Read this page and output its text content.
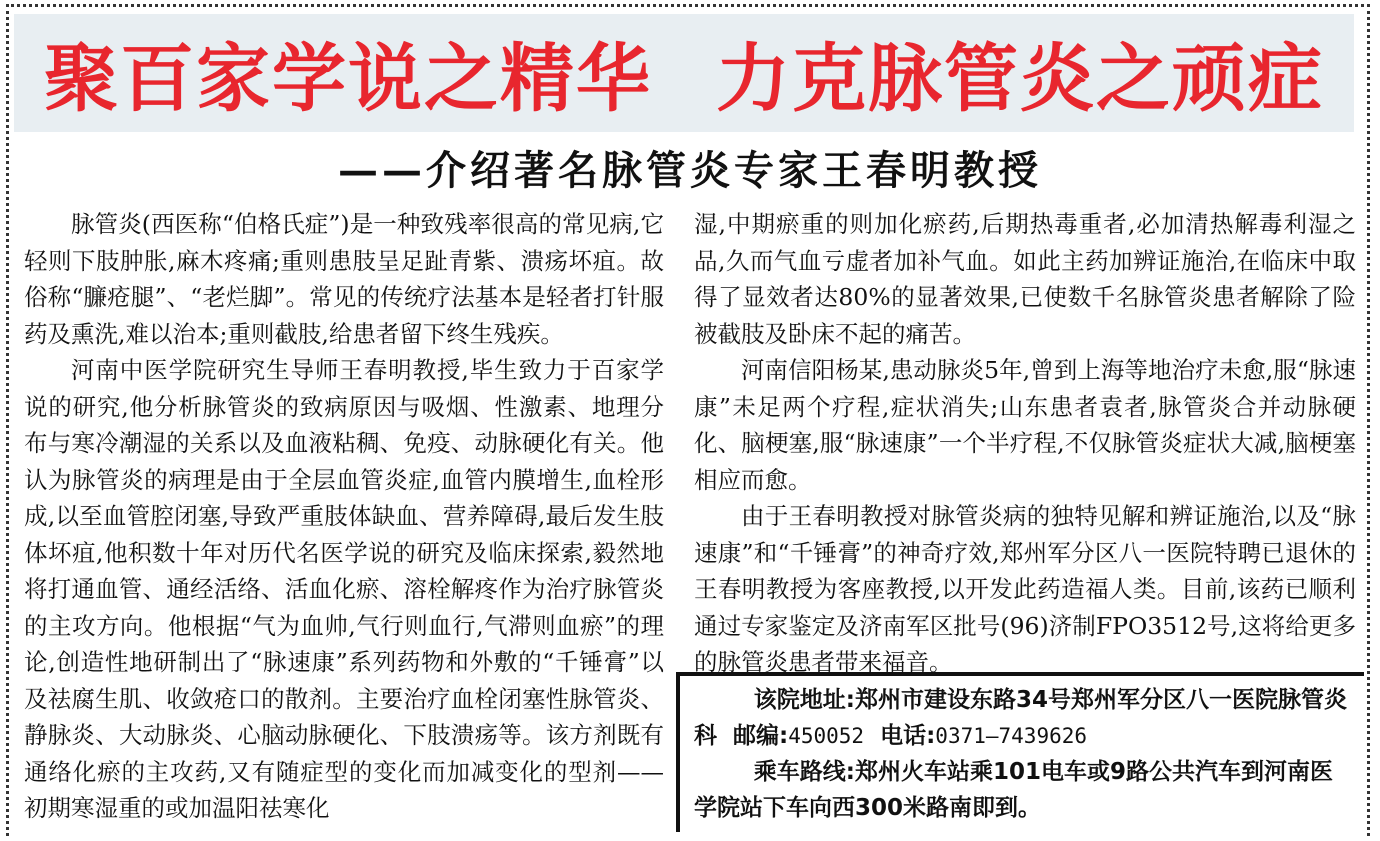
聚百家学说之精华 力克脉管炎之顽症
——介绍著名脉管炎专家王春明教授

脉管炎(西医称“伯格氏症”)是一种致残率很高的常见病,它轻则下肢肿胀,麻木疼痛;重则患肢呈足趾青紫、溃疡坏疽。故俗称“臁疮腿”、“老烂脚”。常见的传统疗法基本是轻者打针服药及熏洗,难以治本;重则截肢,给患者留下终生残疾。

河南中医学院研究生导师王春明教授,毕生致力于百家学说的研究,他分析脉管炎的致病原因与吸烟、性激素、地理分布与寒冷潮湿的关系以及血液粘稠、免疫、动脉硬化有关。他认为脉管炎的病理是由于全层血管炎症,血管内膜增生,血栓形成,以至血管腔闭塞,导致严重肢体缺血、营养障碍,最后发生肢体坏疽,他积数十年对历代名医学说的研究及临床探索,毅然地将打通血管、通经活络、活血化瘀、溶栓解疼作为治疗脉管炎的主攻方向。他根据“气为血帅,气行则血行,气滞则血瘀”的理论,创造性地研制出了“脉速康”系列药物和外敷的“千锤膏”以及祛腐生肌、收敛疮口的散剂。主要治疗血栓闭塞性脉管炎、静脉炎、大动脉炎、心脑动脉硬化、下肢溃疡等。该方剂既有通络化瘀的主攻药,又有随症型的变化而加减变化的型剂——初期寒湿重的或加温阳祛寒化

湿,中期瘀重的则加化瘀药,后期热毒重者,必加清热解毒利湿之品,久而气血亏虚者加补气血。如此主药加辨证施治,在临床中取得了显效者达80%的显著效果,已使数千名脉管炎患者解除了险被截肢及卧床不起的痛苦。

河南信阳杨某,患动脉炎5年,曾到上海等地治疗未愈,服“脉速康”未足两个疗程,症状消失;山东患者袁者,脉管炎合并动脉硬化、脑梗塞,服“脉速康”一个半疗程,不仅脉管炎症状大减,脑梗塞相应而愈。

由于王春明教授对脉管炎病的独特见解和辨证施治,以及“脉速康”和“千锤膏”的神奇疗效,郑州军分区八一医院特聘已退休的王春明教授为客座教授,以开发此药造福人类。目前,该药已顺利通过专家鉴定及济南军区批号(96)济制FPO3512号,这将给更多的脉管炎患者带来福音。

该院地址:郑州市建设东路34号郑州军分区八一医院脉管炎科 邮编:450052 电话:0371—7439626

乘车路线:郑州火车站乘101电车或9路公共汽车到河南医学院站下车向西300米路南即到。
